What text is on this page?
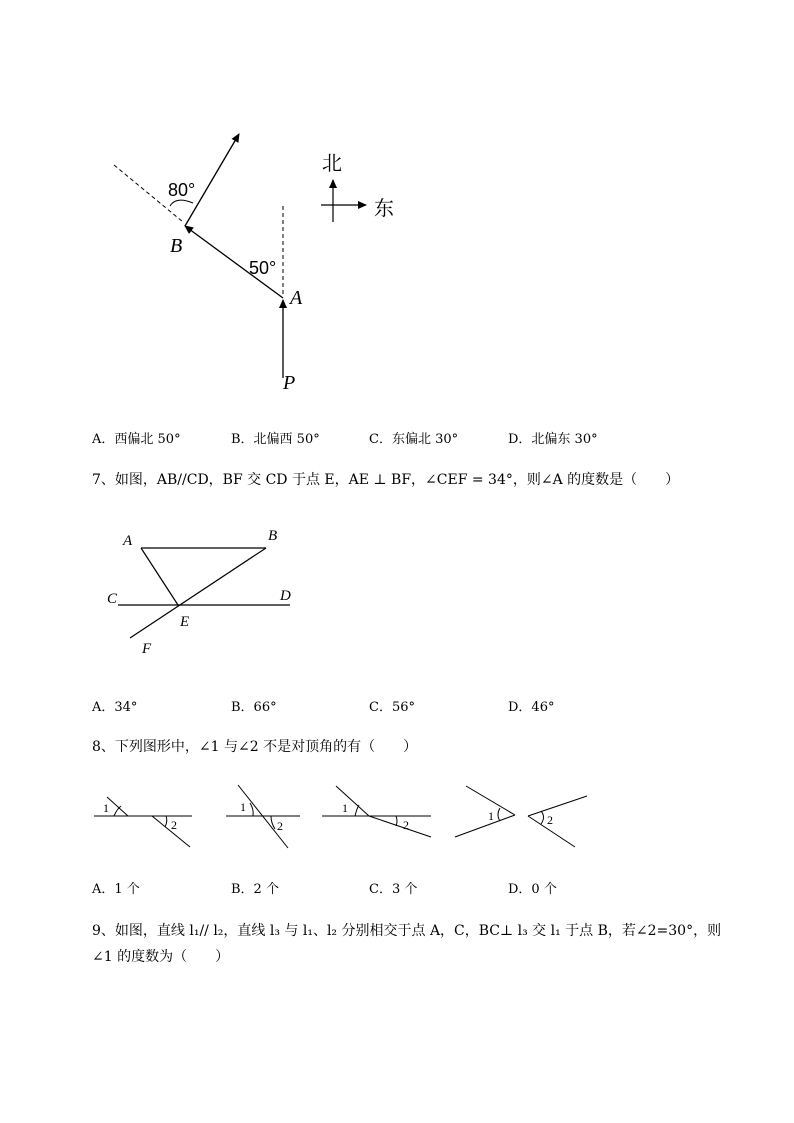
80°
50°
B
A
P
北
东
A．西偏北 50°	B．北偏西 50°	C．东偏北 30°	D．北偏东 30°
7、如图，AB//CD，BF 交 CD 于点 E，AE ⊥ BF，∠CEF = 34°，则∠A 的度数是（　　）
A	B
C	D
E
F
A．34°	B．66°	C．56°	D．46°
8、下列图形中，∠1 与∠2 不是对顶角的有（　　）
1
2
1
2
1
2
1	2
A．1 个	B．2 个	C．3 个	D．0 个
9、如图，直线 l₁// l₂，直线 l₃ 与 l₁、l₂ 分别相交于点 A，C，BC⊥ l₃ 交 l₁ 于点 B，若∠2=30°，则
∠1 的度数为（　　）
